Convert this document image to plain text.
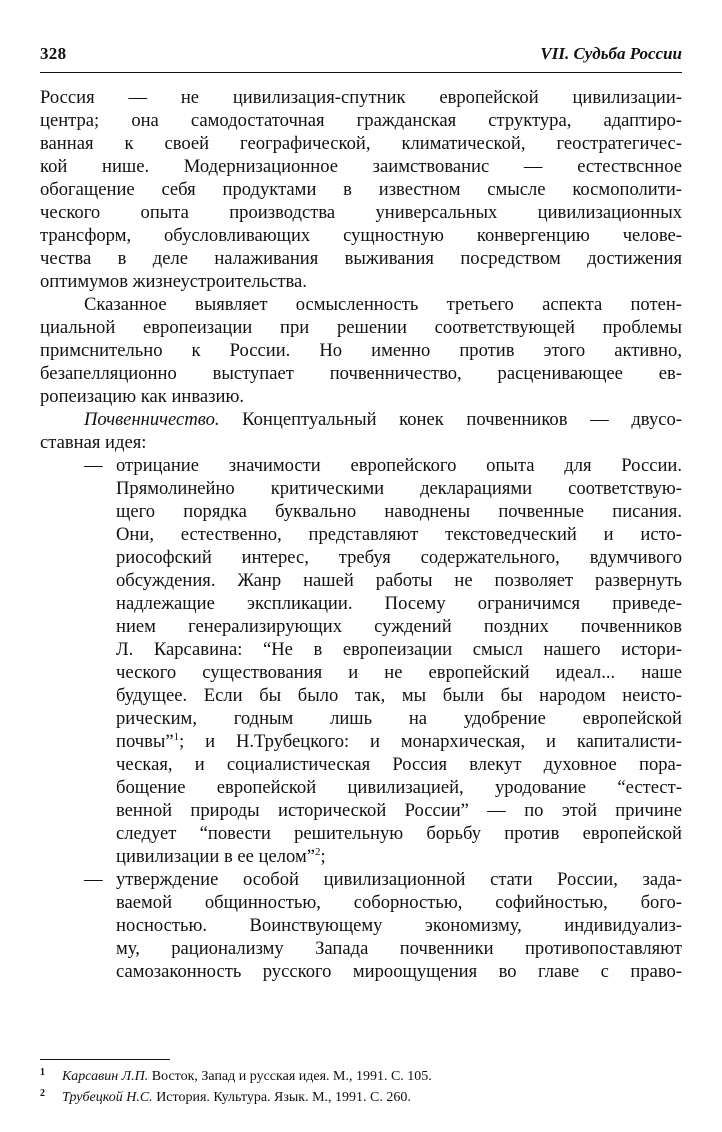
328	VII. Судьба России
Россия — не цивилизация-спутник европейской цивилизации-
центра; она самодостаточная гражданская структура, адаптиро-
ванная к своей географической, климатической, геостратегичес-
кой нише. Модернизационное заимствованис — естествснное
обогащение себя продуктами в известном смысле космополити-
ческого опыта производства универсальных цивилизационных
трансформ, обусловливающих сущностную конвергенцию челове-
чества в деле налаживания выживания посредством достижения
оптимумов жизнеустроительства.
Сказанное выявляет осмысленность третьего аспекта потен-
циальной европеизации при решении соответствующей проблемы
примснительно к России. Но именно против этого активно,
безапелляционно выступает почвенничество, расценивающее ев-
ропеизацию как инвазию.
Почвенничество. Концептуальный конек почвенников — двусо-
ставная идея:
— отрицание значимости европейского опыта для России.
Прямолинейно критическими декларациями соответствую-
щего порядка буквально наводнены почвенные писания.
Они, естественно, представляют текстоведческий и исто-
риософский интерес, требуя содержательного, вдумчивого
обсуждения. Жанр нашей работы не позволяет развернуть
надлежащие экспликации. Посему ограничимся приведе-
нием генерализирующих суждений поздних почвенников
Л. Карсавина: “Не в европеизации смысл нашего истори-
ческого существования и не европейский идеал... наше
будущее. Если бы было так, мы были бы народом неисто-
рическим, годным лишь на удобрение европейской
почвы”$^1$; и Н.Трубецкого: и монархическая, и капиталисти-
ческая, и социалистическая Россия влекут духовное пора-
бощение европейской цивилизацией, уродование “естест-
венной природы исторической России” — по этой причине
следует “повести решительную борьбу против европейской
цивилизации в ее целом”$^2$;
— утверждение особой цивилизационной стати России, зада-
ваемой общинностью, соборностью, софийностью, бого-
носностью. Воинствующему экономизму, индивидуализ-
му, рационализму Запада почвенники противопоставляют
самозаконность русского мироощущения во главе с право-
1 Карсавин Л.П. Восток, Запад и русская идея. М., 1991. С. 105.
2 Трубецкой Н.С. История. Культура. Язык. М., 1991. С. 260.
